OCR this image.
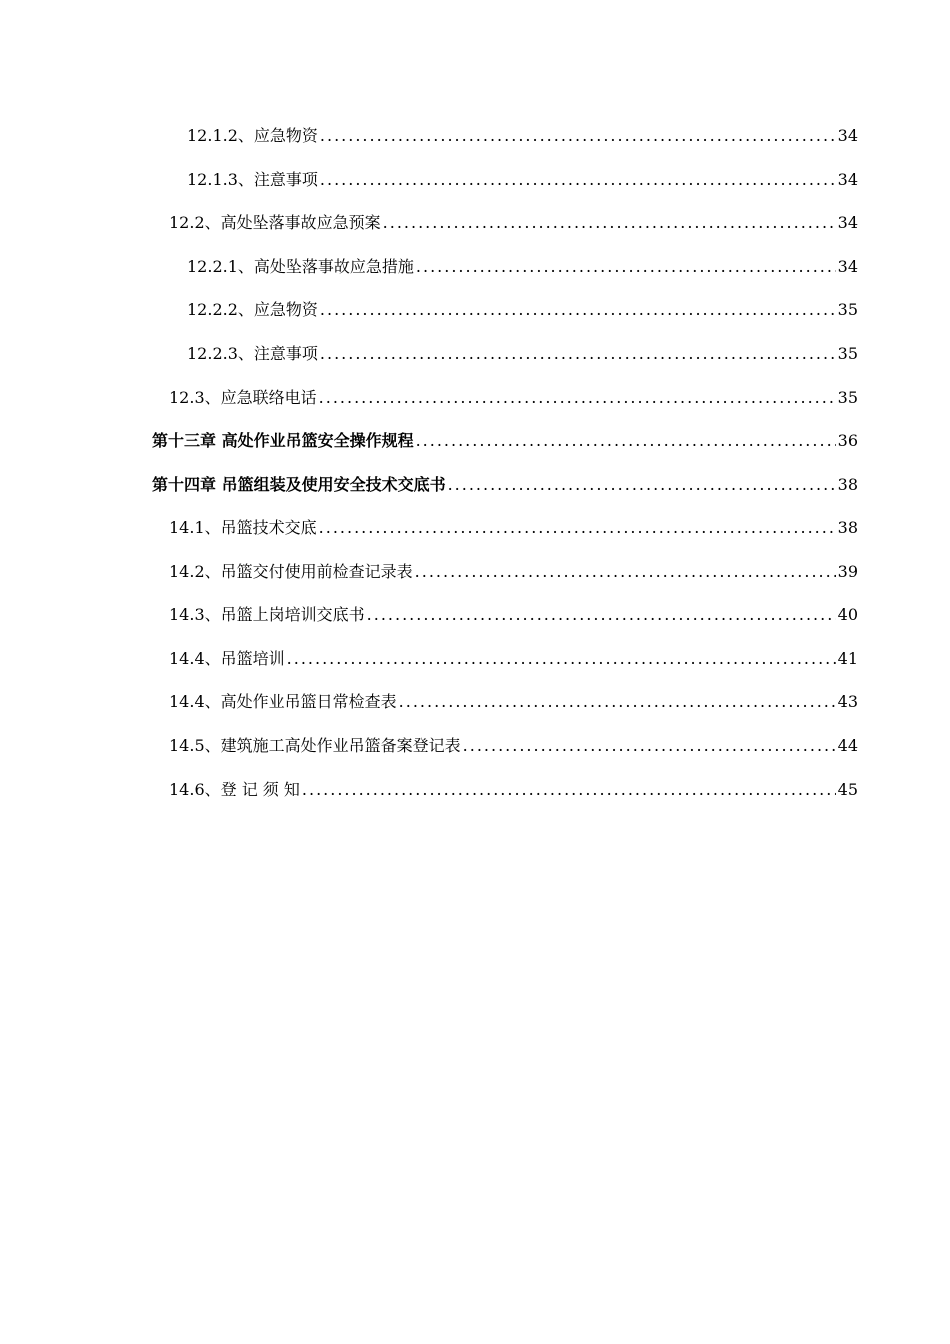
12.1.2、应急物资 .....	34
12.1.3、注意事项 .....	34
12.2、高处坠落事故应急预案 .....	34
12.2.1、高处坠落事故应急措施 .....	34
12.2.2、应急物资 .....	35
12.2.3、注意事项 .....	35
12.3、应急联络电话 .....	35
第十三章 高处作业吊篮安全操作规程 .....	36
第十四章 吊篮组装及使用安全技术交底书 .....	38
14.1、吊篮技术交底 .....	38
14.2、吊篮交付使用前检查记录表 .....	39
14.3、吊篮上岗培训交底书 .....	40
14.4、吊篮培训 .....	41
14.4、高处作业吊篮日常检查表 .....	43
14.5、建筑施工高处作业吊篮备案登记表 .....	44
14.6、登 记 须 知 .....	45
